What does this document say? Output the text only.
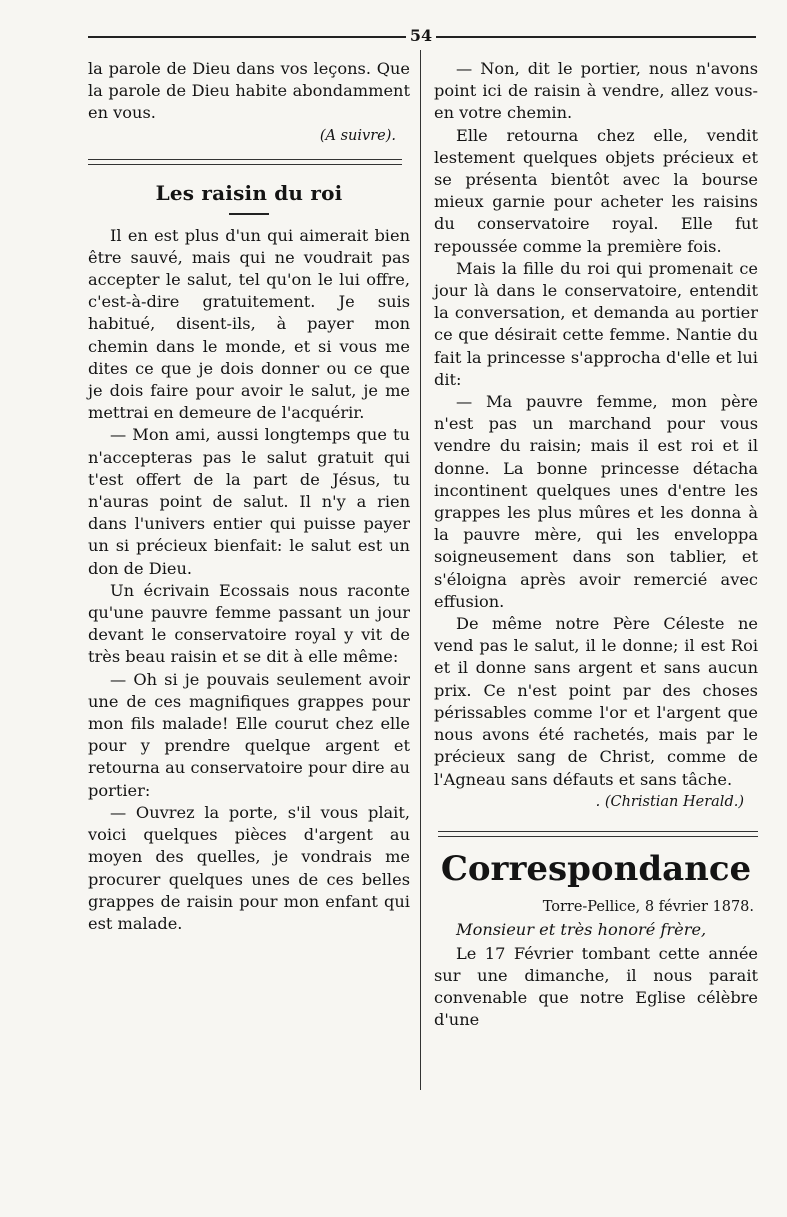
54

la parole de Dieu dans vos leçons. Que la parole de Dieu habite abondamment en vous.

(A suivre).

Les raisin du roi

Il en est plus d'un qui aimerait bien être sauvé, mais qui ne voudrait pas accepter le salut, tel qu'on le lui offre, c'est-à-dire gratuitement. Je suis habitué, disent-ils, à payer mon chemin dans le monde, et si vous me dites ce que je dois donner ou ce que je dois faire pour avoir le salut, je me mettrai en demeure de l'acquérir.

— Mon ami, aussi longtemps que tu n'accepteras pas le salut gratuit qui t'est offert de la part de Jésus, tu n'auras point de salut. Il n'y a rien dans l'univers entier qui puisse payer un si précieux bienfait: le salut est un don de Dieu.

Un écrivain Ecossais nous raconte qu'une pauvre femme passant un jour devant le conservatoire royal y vit de très beau raisin et se dit à elle même:

— Oh si je pouvais seulement avoir une de ces magnifiques grappes pour mon fils malade! Elle courut chez elle pour y prendre quelque argent et retourna au conservatoire pour dire au portier:

— Ouvrez la porte, s'il vous plait, voici quelques pièces d'argent au moyen des quelles, je vondrais me procurer quelques unes de ces belles grappes de raisin pour mon enfant qui est malade.

— Non, dit le portier, nous n'avons point ici de raisin à vendre, allez vous-en votre chemin.

Elle retourna chez elle, vendit lestement quelques objets précieux et se présenta bientôt avec la bourse mieux garnie pour acheter les raisins du conservatoire royal. Elle fut repoussée comme la première fois.

Mais la fille du roi qui promenait ce jour là dans le conservatoire, entendit la conversation, et demanda au portier ce que désirait cette femme. Nantie du fait la princesse s'approcha d'elle et lui dit:

— Ma pauvre femme, mon père n'est pas un marchand pour vous vendre du raisin; mais il est roi et il donne. La bonne princesse détacha incontinent quelques unes d'entre les grappes les plus mûres et les donna à la pauvre mère, qui les enveloppa soigneusement dans son tablier, et s'éloigna après avoir remercié avec effusion.

De même notre Père Céleste ne vend pas le salut, il le donne; il est Roi et il donne sans argent et sans aucun prix. Ce n'est point par des choses périssables comme l'or et l'argent que nous avons été rachetés, mais par le précieux sang de Christ, comme de l'Agneau sans défauts et sans tâche.

. (Christian Herald.)

Correspondance

Torre-Pellice, 8 février 1878.

Monsieur et très honoré frère,

Le 17 Février tombant cette année sur une dimanche, il nous parait convenable que notre Eglise célèbre d'une
